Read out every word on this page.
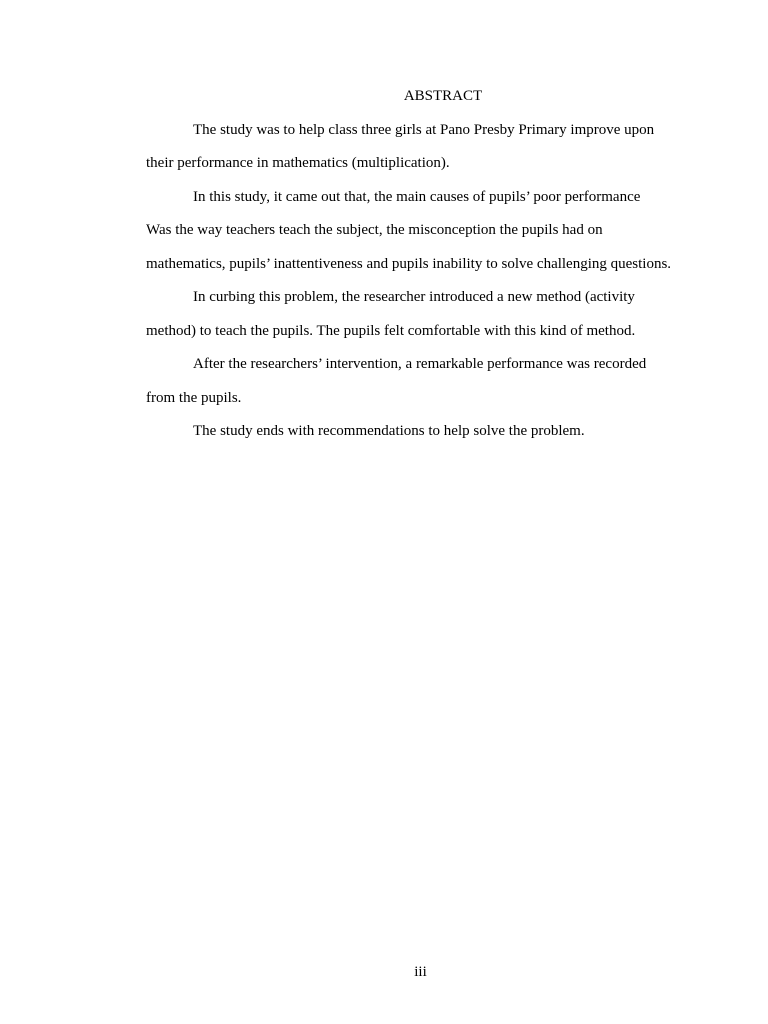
ABSTRACT
The study was to help class three girls at Pano Presby Primary improve upon
their performance in mathematics (multiplication).
In this study, it came out that, the main causes of pupils’ poor performance
Was the way teachers teach the subject, the misconception the pupils had on
mathematics, pupils’ inattentiveness and pupils inability to solve challenging questions.
In curbing this problem, the researcher introduced a new method (activity
method) to teach the pupils. The pupils felt comfortable with this kind of method.
After the researchers’ intervention, a remarkable performance was recorded
from the pupils.
The study ends with recommendations to help solve the problem.
iii
